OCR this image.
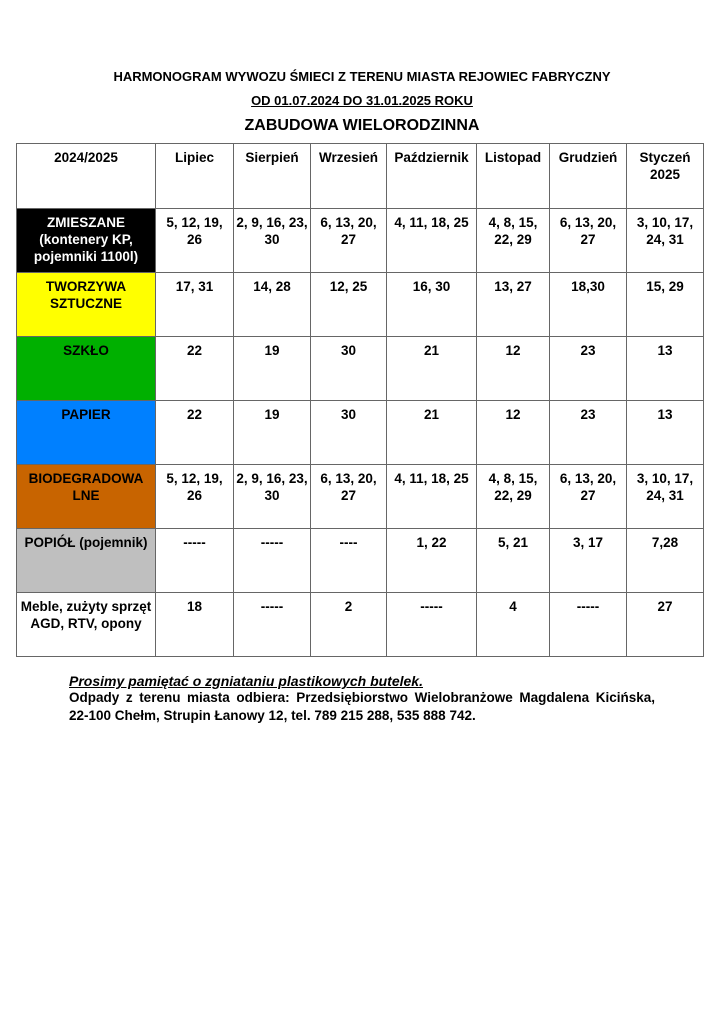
HARMONOGRAM WYWOZU ŚMIECI Z TERENU MIASTA REJOWIEC FABRYCZNY
OD 01.07.2024 DO 31.01.2025 ROKU
ZABUDOWA WIELORODZINNA
2024/2025	Lipiec	Sierpień	Wrzesień	Październik	Listopad	Grudzień	Styczeń 2025
ZMIESZANE (kontenery KP, pojemniki 1100l)	5, 12, 19, 26	2, 9, 16, 23, 30	6, 13, 20, 27	4, 11, 18, 25	4, 8, 15, 22, 29	6, 13, 20, 27	3, 10, 17, 24, 31
TWORZYWA SZTUCZNE	17, 31	14, 28	12, 25	16, 30	13, 27	18,30	15, 29
SZKŁO	22	19	30	21	12	23	13
PAPIER	22	19	30	21	12	23	13
BIODEGRADOWA LNE	5, 12, 19, 26	2, 9, 16, 23, 30	6, 13, 20, 27	4, 11, 18, 25	4, 8, 15, 22, 29	6, 13, 20, 27	3, 10, 17, 24, 31
POPIÓŁ (pojemnik)	-----	-----	----	1, 22	5, 21	3, 17	7,28
Meble, zużyty sprzęt AGD, RTV, opony	18	-----	2	-----	4	-----	27
Prosimy pamiętać o zgniataniu plastikowych butelek.
Odpady z terenu miasta odbiera: Przedsiębiorstwo Wielobranżowe Magdalena Kicińska, 22-100 Chełm, Strupin Łanowy 12, tel. 789 215 288, 535 888 742.
